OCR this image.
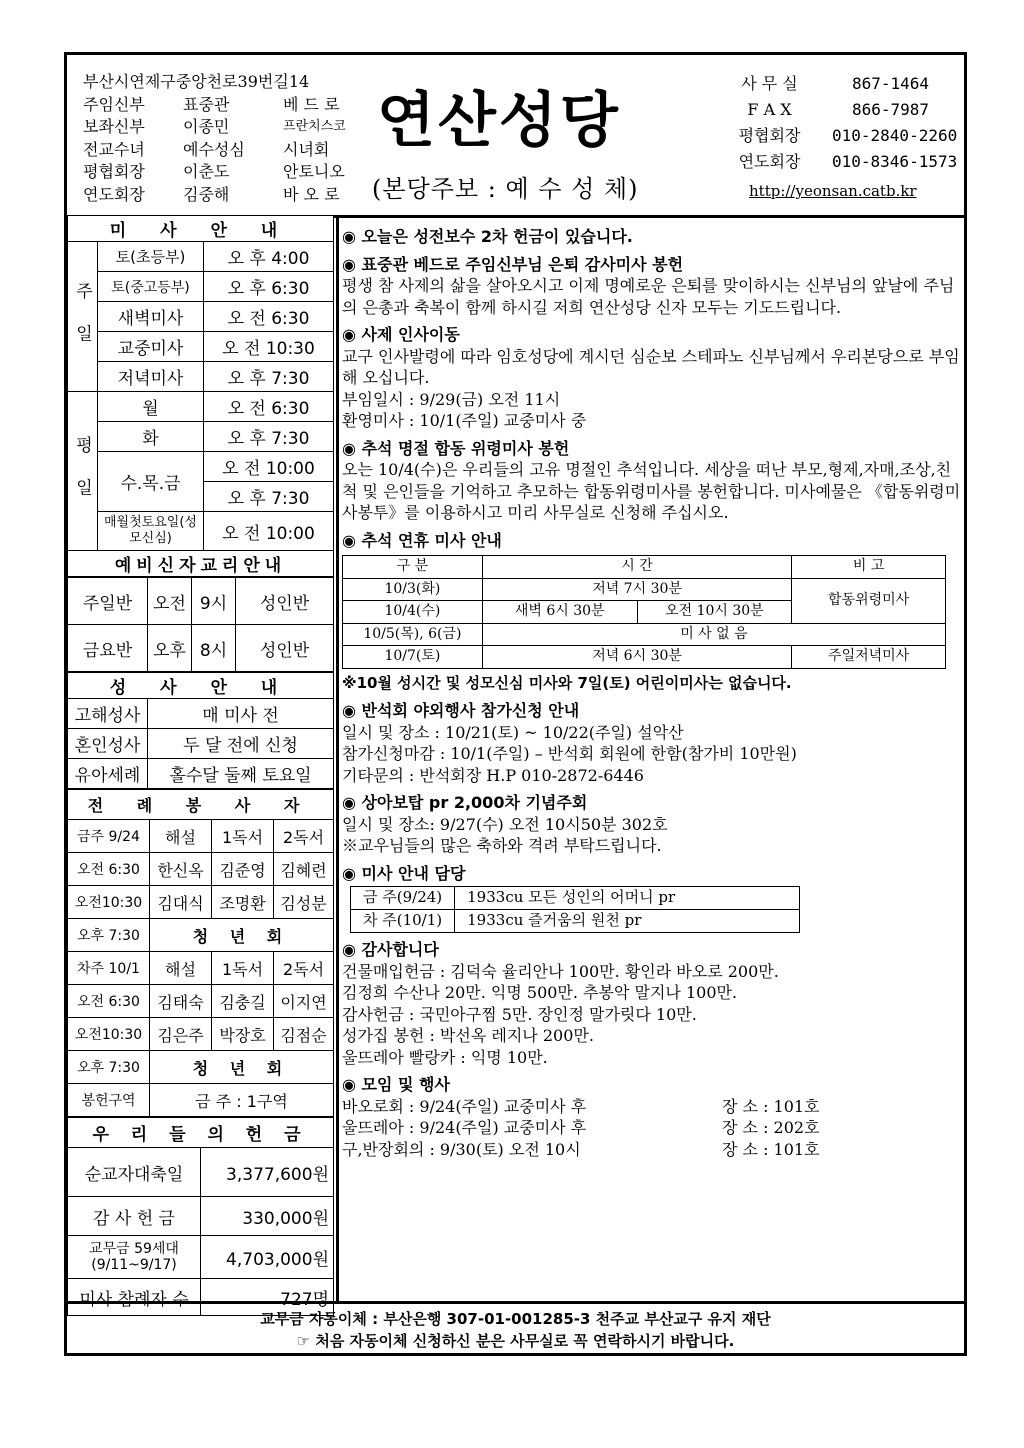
부산시연제구중앙천로39번길14
주임신부	표중관	베 드 로
보좌신부	이종민	프란치스코
전교수녀	예수성심	시녀회
평협회장	이춘도	안토니오
연도회장	김중해	바 오 로
연산성당
(본당주보 : 예 수 성 체)
사 무 실	867-1464
F A X	866-7987
평협회장	010-2840-2260
연도회장	010-8346-1573
http://yeonsan.catb.kr
미 사 안 내		
주 일	토(초등부)	오 후 4:00
	토(중고등부)	오 후 6:30
	새벽미사	오 전 6:30
	교중미사	오 전 10:30
	저녁미사	오 후 7:30
평 일	월	오 전 6:30
	화	오 후 7:30
	수.목.금	오 전 10:00
		오 후 7:30
	매월첫토요일(성모신심)	오 전 10:00
예비신자교리안내		
주일반	오전	9시	성인반
금요반	오후	8시	성인반
성 사 안 내	
고해성사	매 미사 전
혼인성사	두 달 전에 신청
유아세례	홀수달 둘째 토요일
전 례 봉 사 자			
금주 9/24	해설	1독서	2독서
오전 6:30	한신옥	김준영	김혜련
오전10:30	김대식	조명환	김성분
오후 7:30	청 년 회		
차주 10/1	해설	1독서	2독서
오전 6:30	김태숙	김충길	이지연
오전10:30	김은주	박장호	김점순
오후 7:30	청 년 회		
봉헌구역	금 주 : 1구역		
우 리 들 의 헌 금	
순교자대축일	3,377,600원
감 사 헌 금	330,000원
교무금 59세대 (9/11~9/17)	4,703,000원
미사 참례자 수	727명
◉ 오늘은 성전보수 2차 헌금이 있습니다.
◉ 표중관 베드로 주임신부님 은퇴 감사미사 봉헌

평생 참 사제의 삶을 살아오시고 이제 명예로운 은퇴를 맞이하시는 신부님의 앞날에 주님의 은총과 축복이 함께 하시길 저희 연산성당 신자 모두는 기도드립니다.

◉ 사제 인사이동

교구 인사발령에 따라 임호성당에 계시던 심순보 스테파노 신부님께서 우리본당으로 부임해 오십니다.

부임일시 : 9/29(금) 오전 11시

환영미사 : 10/1(주일) 교중미사 중

◉ 추석 명절 합동 위령미사 봉헌

오는 10/4(수)은 우리들의 고유 명절인 추석입니다. 세상을 떠난 부모,형제,자매,조상,친척 및 은인들을 기억하고 추모하는 합동위령미사를 봉헌합니다. 미사예물은 《합동위령미사봉투》를 이용하시고 미리 사무실로 신청해 주십시오.

◉ 추석 연휴 미사 안내
구 분	시 간		비 고
10/3(화)	저녁 7시 30분		합동위령미사
10/4(수)	새벽 6시 30분	오전 10시 30분	
10/5(목), 6(금)	미 사 없 음		
10/7(토)	저녁 6시 30분		주일저녁미사
※10월 성시간 및 성모신심 미사와 7일(토) 어린이미사는 없습니다.
◉ 반석회 야외행사 참가신청 안내

일시 및 장소 : 10/21(토) ~ 10/22(주일) 설악산

참가신청마감 : 10/1(주일) – 반석회 회원에 한함(참가비 10만원)

기타문의 : 반석회장 H.P 010-2872-6446

◉ 상아보탑 pr 2,000차 기념주회

일시 및 장소: 9/27(수) 오전 10시50분 302호

※교우님들의 많은 축하와 격려 부탁드립니다.

◉ 미사 안내 담당
금 주(9/24)	1933cu 모든 성인의 어머니 pr
차 주(10/1)	1933cu 즐거움의 원천 pr
◉ 감사합니다

건물매입헌금 : 김덕숙 율리안나 100만. 황인라 바오로 200만.

김정희 수산나 20만. 익명 500만. 추봉악 말지나 100만.

감사헌금 : 국민아구찜 5만. 장인정 말가릿다 10만.

성가집 봉헌 : 박선옥 레지나 200만.

울뜨레아 빨랑카 : 익명 10만.

◉ 모임 및 행사
바오로회 : 9/24(주일) 교중미사 후	장 소 : 101호
울뜨레아 : 9/24(주일) 교중미사 후	장 소 : 202호
구,반장회의 : 9/30(토) 오전 10시	장 소 : 101호
교무금 자동이체 : 부산은행 307-01-001285-3 천주교 부산교구 유지 재단
☞ 처음 자동이체 신청하신 분은 사무실로 꼭 연락하시기 바랍니다.
